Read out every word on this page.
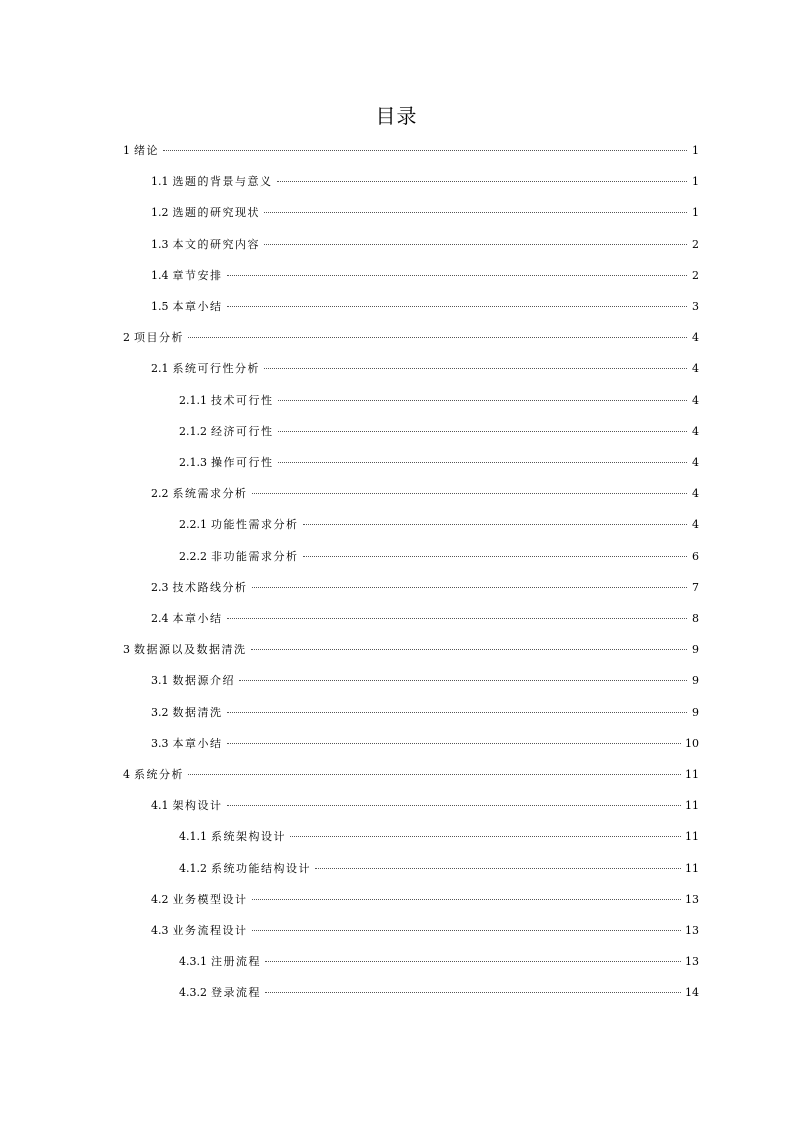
目录
1 绪论	1
1.1 选题的背景与意义	1
1.2 选题的研究现状	1
1.3 本文的研究内容	2
1.4 章节安排	2
1.5 本章小结	3
2 项目分析	4
2.1 系统可行性分析	4
2.1.1 技术可行性	4
2.1.2 经济可行性	4
2.1.3 操作可行性	4
2.2 系统需求分析	4
2.2.1 功能性需求分析	4
2.2.2 非功能需求分析	6
2.3 技术路线分析	7
2.4 本章小结	8
3 数据源以及数据清洗	9
3.1 数据源介绍	9
3.2 数据清洗	9
3.3 本章小结	10
4 系统分析	11
4.1 架构设计	11
4.1.1 系统架构设计	11
4.1.2 系统功能结构设计	11
4.2 业务模型设计	13
4.3 业务流程设计	13
4.3.1 注册流程	13
4.3.2 登录流程	14
